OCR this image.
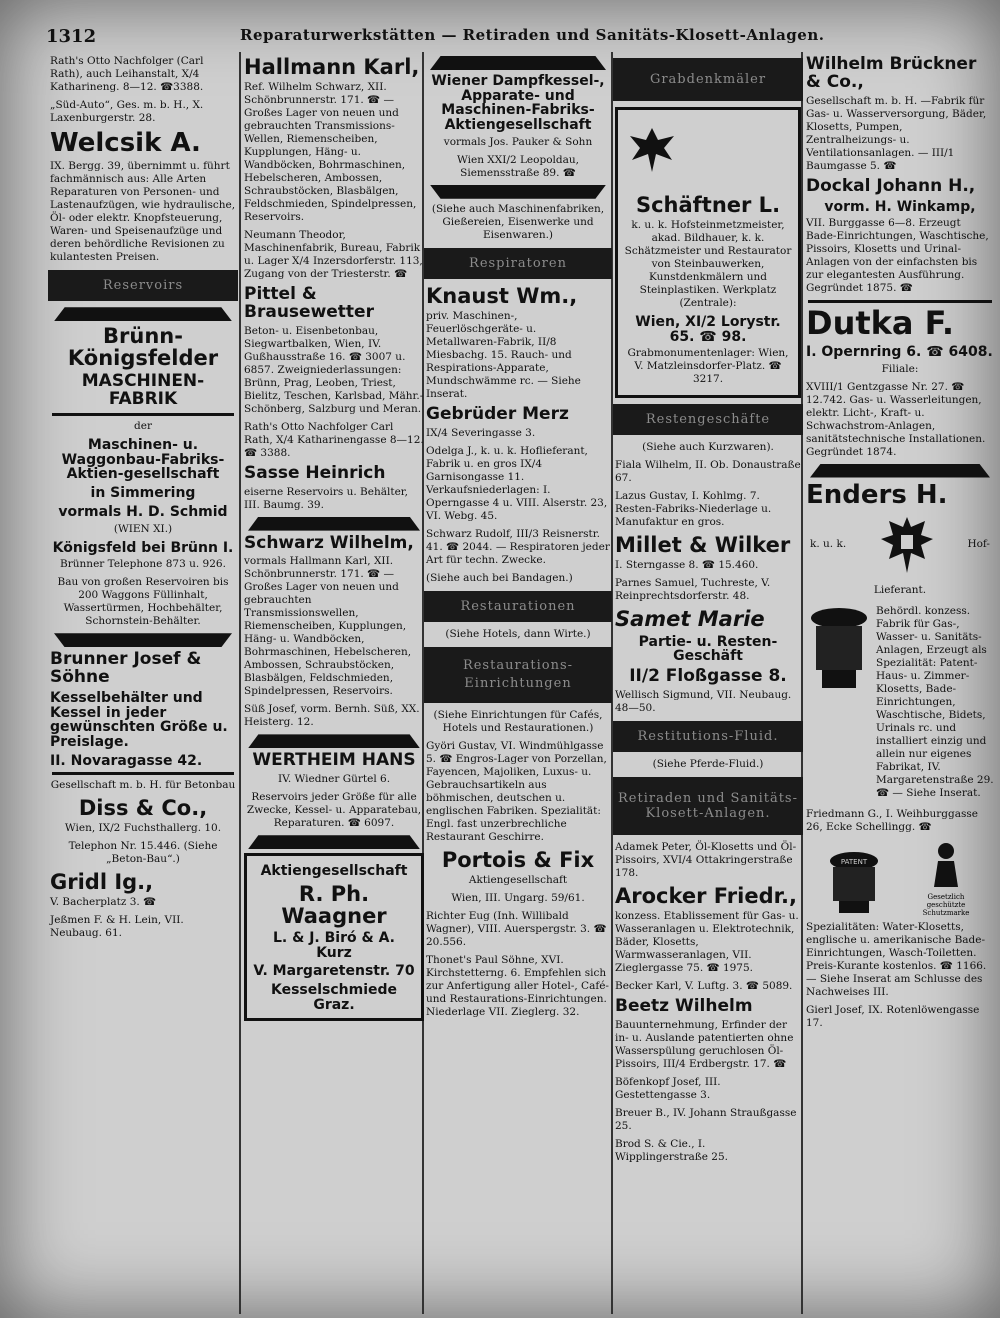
1312	Reparaturwerkstätten — Retiraden und Sanitäts-Klosett-Anlagen.
Rath's Otto Nachfolger (Carl Rath), auch Leihanstalt, X/4 Katharineng. 8—12. ☎3388.
„Süd-Auto“, Ges. m. b. H., X. Laxenburgerstr. 28.
Welcsik A.
IX. Bergg. 39, übernimmt u. führt fachmännisch aus: Alle Arten Reparaturen von Personen- und Lastenaufzügen, wie hydraulische, Öl- oder elektr. Knopfsteuerung, Waren- und Speisenaufzüge und deren behördliche Revisionen zu kulantesten Preisen.
Reservoirs
Brünn-Königsfelder
MASCHINEN-FABRIK
der
Maschinen- u. Waggonbau-Fabriks-Aktien-gesellschaft
in Simmering
vormals H. D. Schmid
(WIEN XI.)
Königsfeld bei Brünn I.
Brünner Telephone 873 u. 926.
Bau von großen Reservoiren bis 200 Waggons Füllinhalt, Wassertürmen, Hochbehälter, Schornstein-Behälter.
Brunner Josef & Söhne
Kesselbehälter und Kessel in jeder gewünschten Größe u. Preislage.
II. Novaragasse 42.
Gesellschaft m. b. H. für Betonbau
Diss & Co.,
Wien, IX/2 Fuchsthallerg. 10.
Telephon Nr. 15.446. (Siehe „Beton-Bau“.)
Gridl Ig.,
V. Bacherplatz 3. ☎
Jeßmen F. & H. Lein, VII. Neubaug. 61.
Hallmann Karl,
Ref. Wilhelm Schwarz, XII. Schönbrunnerstr. 171. ☎ —Großes Lager von neuen und gebrauchten Transmissions-Wellen, Riemenscheiben, Kupplungen, Häng- u. Wandböcken, Bohrmaschinen, Hebelscheren, Ambossen, Schraubstöcken, Blasbälgen, Feldschmieden, Spindelpressen, Reservoirs.
Neumann Theodor, Maschinenfabrik, Bureau, Fabrik u. Lager X/4 Inzersdorferstr. 113, Zugang von der Triesterstr. ☎
Pittel & Brausewetter
Beton- u. Eisenbetonbau, Siegwartbalken, Wien, IV. Gußhausstraße 16. ☎ 3007 u. 6857. Zweigniederlassungen: Brünn, Prag, Leoben, Triest, Bielitz, Teschen, Karlsbad, Mähr.-Schönberg, Salzburg und Meran.
Rath's Otto Nachfolger Carl Rath, X/4 Katharinengasse 8—12. ☎ 3388.
Sasse Heinrich
eiserne Reservoirs u. Behälter, III. Baumg. 39.
Schwarz Wilhelm,
vormals Hallmann Karl, XII. Schönbrunnerstr. 171. ☎ —Großes Lager von neuen und gebrauchten Transmissionswellen, Riemenscheiben, Kupplungen, Häng- u. Wandböcken, Bohrmaschinen, Hebelscheren, Ambossen, Schraubstöcken, Blasbälgen, Feldschmieden, Spindelpressen, Reservoirs.
Süß Josef, vorm. Bernh. Süß, XX. Heisterg. 12.
WERTHEIM HANS
IV. Wiedner Gürtel 6.
Reservoirs jeder Größe für alle Zwecke, Kessel- u. Apparatebau, Reparaturen. ☎ 6097.
Aktiengesellschaft
R. Ph. Waagner
L. & J. Biró & A. Kurz
V. Margaretenstr. 70
Kesselschmiede Graz.
Wiener Dampfkessel-, Apparate- und Maschinen-Fabriks-Aktiengesellschaft
vormals Jos. Pauker & Sohn
Wien XXI/2 Leopoldau, Siemensstraße 89. ☎
(Siehe auch Maschinenfabriken, Gießereien, Eisenwerke und Eisenwaren.)
Respiratoren
Knaust Wm.,
priv. Maschinen-, Feuerlöschgeräte- u. Metallwaren-Fabrik, II/8 Miesbachg. 15. Rauch- und Respirations-Apparate, Mundschwämme rc. — Siehe Inserat.
Gebrüder Merz
IX/4 Severingasse 3.
Odelga J., k. u. k. Hoflieferant, Fabrik u. en gros IX/4 Garnisongasse 11. Verkaufsniederlagen: I. Operngasse 4 u. VIII. Alserstr. 23, VI. Webg. 45.
Schwarz Rudolf, III/3 Reisnerstr. 41. ☎ 2044. — Respiratoren jeder Art für techn. Zwecke.
(Siehe auch bei Bandagen.)
Restaurationen
(Siehe Hotels, dann Wirte.)
Restaurations-
Einrichtungen
(Siehe Einrichtungen für Cafés, Hotels und Restaurationen.)
Györi Gustav, VI. Windmühlgasse 5. ☎ Engros-Lager von Porzellan, Fayencen, Majoliken, Luxus- u. Gebrauchsartikeln aus böhmischen, deutschen u. englischen Fabriken. Spezialität: Engl. fast unzerbrechliche Restaurant Geschirre.
Portois & Fix
Aktiengesellschaft
Wien, III. Ungarg. 59/61.
Richter Eug (Inh. Willibald Wagner), VIII. Auerspergstr. 3. ☎ 20.556.
Thonet's Paul Söhne, XVI. Kirchstetterng. 6. Empfehlen sich zur Anfertigung aller Hotel-, Café- und Restaurations-Einrichtungen. Niederlage VII. Zieglerg. 32.
Grabdenkmäler
Schäftner L.
k. u. k. Hofsteinmetzmeister, akad. Bildhauer, k. k. Schätzmeister und Restaurator von Steinbauwerken, Kunstdenkmälern und Steinplastiken. Werkplatz (Zentrale):
Wien, XI/2 Lorystr. 65. ☎ 98.
Grabmonumentenlager: Wien, V. Matzleinsdorfer-Platz. ☎ 3217.
Restengeschäfte
(Siehe auch Kurzwaren).
Fiala Wilhelm, II. Ob. Donaustraße 67.
Lazus Gustav, I. Kohlmg. 7. Resten-Fabriks-Niederlage u. Manufaktur en gros.
Millet & Wilker
I. Sterngasse 8. ☎ 15.460.
Parnes Samuel, Tuchreste, V. Reinprechtsdorferstr. 48.
Samet Marie
Partie- u. Resten-Geschäft
II/2 Floßgasse 8.
Wellisch Sigmund, VII. Neubaug. 48—50.
Restitutions-Fluid.
(Siehe Pferde-Fluid.)
Retiraden und Sanitäts-Klosett-Anlagen.
Adamek Peter, Öl-Klosetts und Öl-Pissoirs, XVI/4 Ottakringerstraße 178.
Arocker Friedr.,
konzess. Etablissement für Gas- u. Wasseranlagen u. Elektrotechnik, Bäder, Klosetts, Warmwasseranlagen, VII. Zieglergasse 75. ☎ 1975.
Becker Karl, V. Luftg. 3. ☎ 5089.
Beetz Wilhelm
Bauunternehmung, Erfinder der in- u. Auslande patentierten ohne Wasserspülung geruchlosen Öl-Pissoirs, III/4 Erdbergstr. 17. ☎
Böfenkopf Josef, III. Gestettengasse 3.
Breuer B., IV. Johann Straußgasse 25.
Brod S. & Cie., I. Wipplingerstraße 25.
Wilhelm Brückner & Co.,
Gesellschaft m. b. H. —Fabrik für Gas- u. Wasserversorgung, Bäder, Klosetts, Pumpen, Zentralheizungs- u. Ventilationsanlagen. — III/1 Baumgasse 5. ☎
Dockal Johann H.,
vorm. H. Winkamp,
VII. Burggasse 6—8. Erzeugt Bade-Einrichtungen, Waschtische, Pissoirs, Klosetts und Urinal-Anlagen von der einfachsten bis zur elegantesten Ausführung. Gegründet 1875. ☎
Dutka F.
I. Opernring 6. ☎ 6408.
Filiale:
XVIII/1 Gentzgasse Nr. 27. ☎ 12.742. Gas- u. Wasserleitungen, elektr. Licht-, Kraft- u. Schwachstrom-Anlagen, sanitätstechnische Installationen. Gegründet 1874.
Enders H.
k. u. k.	Hof-
Lieferant.
Behördl. konzess. Fabrik für Gas-, Wasser- u. Sanitäts-Anlagen, Erzeugt als Spezialität: Patent-Haus- u. Zimmer-Klosetts, Bade-Einrichtungen, Waschtische, Bidets, Urinals rc. und installiert einzig und allein nur eigenes Fabrikat, IV. Margaretenstraße 29. ☎ — Siehe Inserat.
Friedmann G., I. Weihburggasse 26, Ecke Schellingg. ☎
PATENT
Gesetzlich geschützte Schutzmarke
Spezialitäten: Water-Klosetts, englische u. amerikanische Bade-Einrichtungen, Wasch-Toiletten. Preis-Kurante kostenlos. ☎ 1166. — Siehe Inserat am Schlusse des Nachweises III.
Gierl Josef, IX. Rotenlöwengasse 17.
